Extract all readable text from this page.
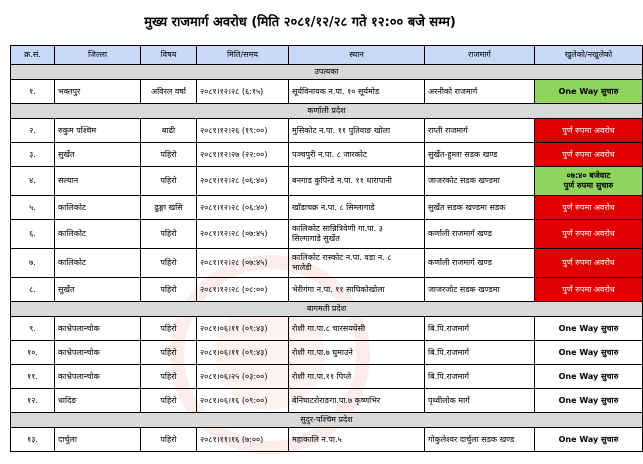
मुख्य राजमार्ग अवरोध (मिति २०८१/१२/२८ गते १२:०० बजे सम्म)
क्र.सं.	जिल्ला	विषय	मिति/समय	स्थान	राजमार्ग	खुलेको/नखुलेको
उपत्यका						
१.	भक्तपुर	अविरल वर्षा	२०८१।१२।२८ (६:१५)	सूर्यविनायक न.पा. १० सूर्यमोड	अरनीको राजमार्ग	One Way सुचारु

कर्णाली प्रदेश						
२.	रुकुम पश्चिम	बाढी	२०८१।१२।२६ (१९:००)	मुसिकोट न.पा. ११ पुतिवाङ खोला	राप्ती राजमार्ग	पुर्ण रुपमा अवरोध

३.	सुर्खेत	पहिरो	२०८१।१२।२७ (२२:००)	पञ्चपुरी न.पा. ८ जारकोट	सुर्खेत-हुम्ला सडक खण्ड	पुर्ण रुपमा अवरोध

४.	सल्यान	पहिरो	२०८१।१२।२८ (०६:४०)	बनगाड कुपिन्डे न.पा. ११ धारापानी	जाजरकोट सडक खण्डमा	०७:४० बजेवाट
पुर्ण रुपमा सुचारु

५.	कालिकोट	ढुङ्गा खसि	२०८१।१२।२८ (०६:४०)	खाँडाचक्र न.पा. ८ सिम्लागाडे	सुर्खेत सडक खण्डमा सडक	पुर्ण रुपमा अवरोध

६.	कालिकोट	पहिरो	२०८१।१२।२८ (०७:४५)	कालिकोट सान्नित्रिवेणी गा.पा. ३
सिल्गागाडे सुर्खेत	कर्णाली राजमार्ग खण्ड	पुर्ण रुपमा अवरोध

७.	कालिकोट	पहिरो	२०८१।१२।२८ (०७:४५)	कालिकोट रास्कोट न.पा. वडा न. ८
भालेडी	कर्णाली राजमार्ग खण्ड	पुर्ण रुपमा अवरोध

८.	सुर्खेत	पहिरो	२०८१।१२।२८ (०८:००)	भेरीगंगा न.पा. ११ साघिकोखोला	जाजरजोट सडक खण्डमा	पुर्ण रुपमा अवरोध

बागमती प्रदेश						
९.	काभ्रेपलान्चोक	पहिरो	२०८१।०६।११ (०९:४३)	रोशी गा.पा.८ चारसयघेसी	बि.पि.राजमार्ग	One Way सुचारु

१०.	काभ्रेपलान्चोक	पहिरो	२०८१।०६।११ (०९:४३)	रोशी गा.पा.७ घुमाउने	बि.पि.राजमार्ग	One Way सुचारु

११.	काभ्रेपलान्चोक	पहिरो	२०८१।०६।२५ (०३:००)	रोशी गा.पा.११ पिप्ले	बि.पि.राजमार्ग	One Way सुचारु

१२.	धादिङ	पहिरो	२०८१।०६।१६ (०९:००)	बेनिघाटरोराङगा.पा.७ कृष्णभिर	पृथ्वीलोक मार्ग	One Way सुचारु

सुदुर-पश्चिम प्रदेश						
१३.	दार्चुला	पहिरो	२०८१।११।१६ (७:००)	महाकालि न.पा.५	गोकुलेश्वर दार्चुला सडक खण्ड	One Way सुचारु
